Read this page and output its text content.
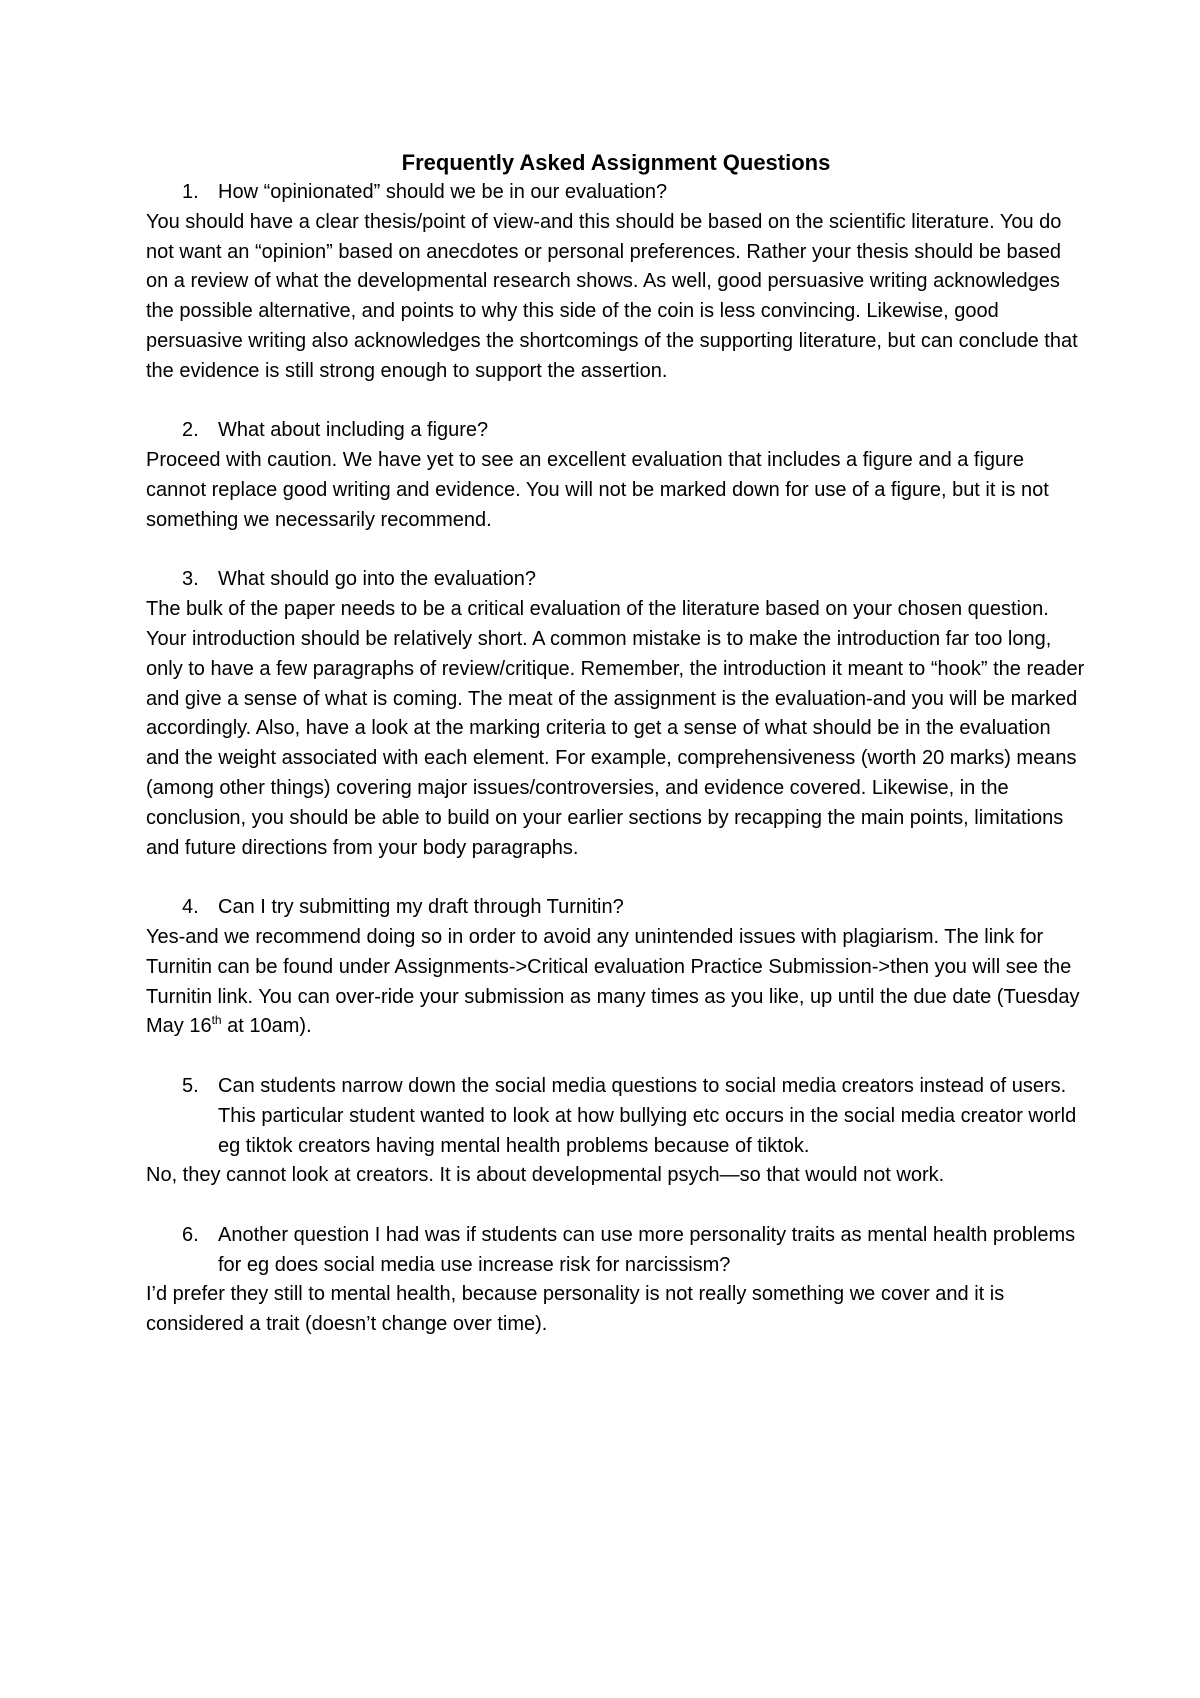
Frequently Asked Assignment Questions
1. How “opinionated” should we be in our evaluation?

You should have a clear thesis/point of view-and this should be based on the scientific literature. You do not want an “opinion” based on anecdotes or personal preferences. Rather your thesis should be based on a review of what the developmental research shows. As well, good persuasive writing acknowledges the possible alternative, and points to why this side of the coin is less convincing. Likewise, good persuasive writing also acknowledges the shortcomings of the supporting literature, but can conclude that the evidence is still strong enough to support the assertion.

2. What about including a figure?

Proceed with caution. We have yet to see an excellent evaluation that includes a figure and a figure cannot replace good writing and evidence. You will not be marked down for use of a figure, but it is not something we necessarily recommend.

3. What should go into the evaluation?

The bulk of the paper needs to be a critical evaluation of the literature based on your chosen question. Your introduction should be relatively short. A common mistake is to make the introduction far too long, only to have a few paragraphs of review/critique. Remember, the introduction it meant to “hook” the reader and give a sense of what is coming. The meat of the assignment is the evaluation-and you will be marked accordingly. Also, have a look at the marking criteria to get a sense of what should be in the evaluation and the weight associated with each element. For example, comprehensiveness (worth 20 marks) means (among other things) covering major issues/controversies, and evidence covered. Likewise, in the conclusion, you should be able to build on your earlier sections by recapping the main points, limitations and future directions from your body paragraphs.

4. Can I try submitting my draft through Turnitin?

Yes-and we recommend doing so in order to avoid any unintended issues with plagiarism. The link for Turnitin can be found under Assignments->Critical evaluation Practice Submission->then you will see the Turnitin link. You can over-ride your submission as many times as you like, up until the due date (Tuesday May 16th at 10am).

5. Can students narrow down the social media questions to social media creators instead of users. This particular student wanted to look at how bullying etc occurs in the social media creator world eg tiktok creators having mental health problems because of tiktok.

No, they cannot look at creators. It is about developmental psych—so that would not work.

6. Another question I had was if students can use more personality traits as mental health problems for eg does social media use increase risk for narcissism?

I’d prefer they still to mental health, because personality is not really something we cover and it is considered a trait (doesn’t change over time).
